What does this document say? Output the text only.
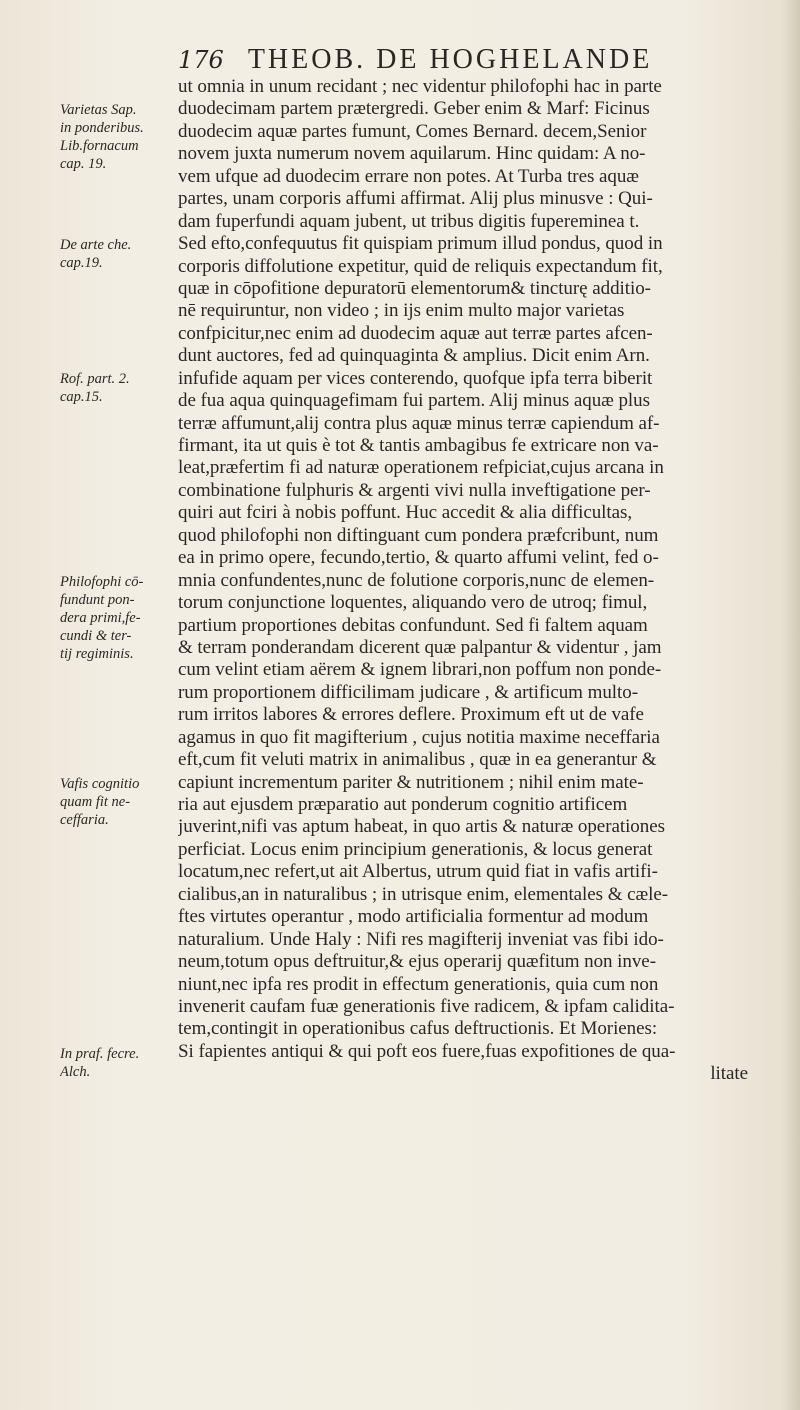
176 THEOB. DE HOGHELANDE
Varietas Sap.
in ponderibus.
Lib.fornacum
cap. 19.
De arte che.
cap.19.
Rof. part. 2.
cap.15.
Philofophi cō-
fundunt pon-
dera primi,fe-
cundi & ter-
tij regiminis.
Vafis cognitio
quam fit ne-
ceffaria.
In praf. fecre.
Alch.
ut omnia in unum recidant ; nec videntur philofophi hac in parte
duodecimam partem prætergredi. Geber enim & Marf: Ficinus
duodecim aquæ partes fumunt, Comes Bernard. decem,Senior
novem juxta numerum novem aquilarum. Hinc quidam: A no-
vem ufque ad duodecim errare non potes. At Turba tres aquæ
partes, unam corporis affumi affirmat. Alij plus minusve : Qui-
dam fuperfundi aquam jubent, ut tribus digitis fupereminea t.
Sed efto,confequutus fit quispiam primum illud pondus, quod in
corporis diffolutione expetitur, quid de reliquis expectandum fit,
quæ in cōpofitione depuratorū elementorum& tincturę additio-
nē requiruntur, non video ; in ijs enim multo major varietas
confpicitur,nec enim ad duodecim aquæ aut terræ partes afcen-
dunt auctores, fed ad quinquaginta & amplius. Dicit enim Arn.
infufide aquam per vices conterendo, quofque ipfa terra biberit
de fua aqua quinquagefimam fui partem. Alij minus aquæ plus
terræ affumunt,alij contra plus aquæ minus terræ capiendum af-
firmant, ita ut quis è tot & tantis ambagibus fe extricare non va-
leat,præfertim fi ad naturæ operationem refpiciat,cujus arcana in
combinatione fulphuris & argenti vivi nulla inveftigatione per-
quiri aut fciri à nobis poffunt. Huc accedit & alia difficultas,
quod philofophi non diftinguant cum pondera præfcribunt, num
ea in primo opere, fecundo,tertio, & quarto affumi velint, fed o-
mnia confundentes,nunc de folutione corporis,nunc de elemen-
torum conjunctione loquentes, aliquando vero de utroq; fimul,
partium proportiones debitas confundunt. Sed fi faltem aquam
& terram ponderandam dicerent quæ palpantur & videntur , jam
cum velint etiam aërem & ignem librari,non poffum non ponde-
rum proportionem difficilimam judicare , & artificum multo-
rum irritos labores & errores deflere. Proximum eft ut de vafe
agamus in quo fit magifterium , cujus notitia maxime neceffaria
eft,cum fit veluti matrix in animalibus , quæ in ea generantur &
capiunt incrementum pariter & nutritionem ; nihil enim mate-
ria aut ejusdem præparatio aut ponderum cognitio artificem
juverint,nifi vas aptum habeat, in quo artis & naturæ operationes
perficiat. Locus enim principium generationis, & locus generat
locatum,nec refert,ut ait Albertus, utrum quid fiat in vafis artifi-
cialibus,an in naturalibus ; in utrisque enim, elementales & cæle-
ftes virtutes operantur , modo artificialia formentur ad modum
naturalium. Unde Haly : Nifi res magifterij inveniat vas fibi ido-
neum,totum opus deftruitur,& ejus operarij quæfitum non inve-
niunt,nec ipfa res prodit in effectum generationis, quia cum non
invenerit caufam fuæ generationis five radicem, & ipfam calidita-
tem,contingit in operationibus cafus deftructionis. Et Morienes:
Si fapientes antiqui & qui poft eos fuere,fuas expofitiones de qua-
litate
